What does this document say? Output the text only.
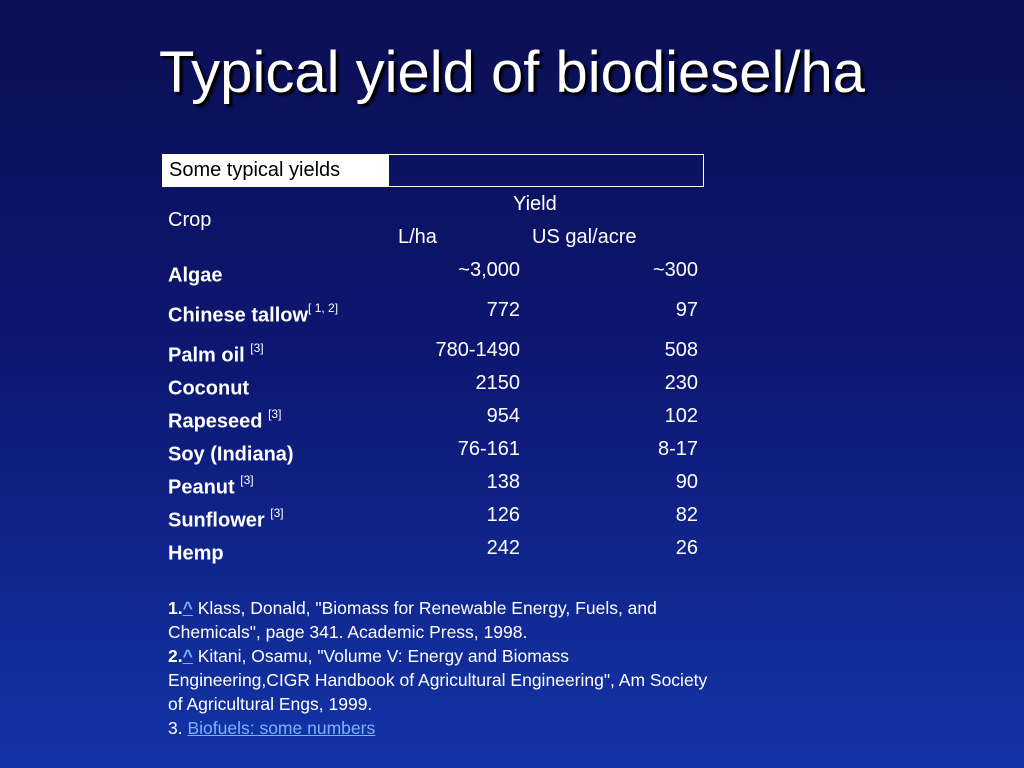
Typical yield of biodiesel/ha
Some typical yields
Crop
Yield
L/ha	US gal/acre
Algae	~3,000	~300
Chinese tallow[ 1, 2]	772	97
Palm oil [3]	780-1490	508
Coconut	2150	230
Rapeseed [3]	954	102
Soy (Indiana)	76-161	8-17
Peanut [3]	138	90
Sunflower [3]	126	82
Hemp	242	26
1.^ Klass, Donald, "Biomass for Renewable Energy, Fuels, and Chemicals", page 341. Academic Press, 1998.
2.^ Kitani, Osamu, "Volume V: Energy and Biomass Engineering,CIGR Handbook of Agricultural Engineering", Am Society of Agricultural Engs, 1999.
3. Biofuels: some numbers
